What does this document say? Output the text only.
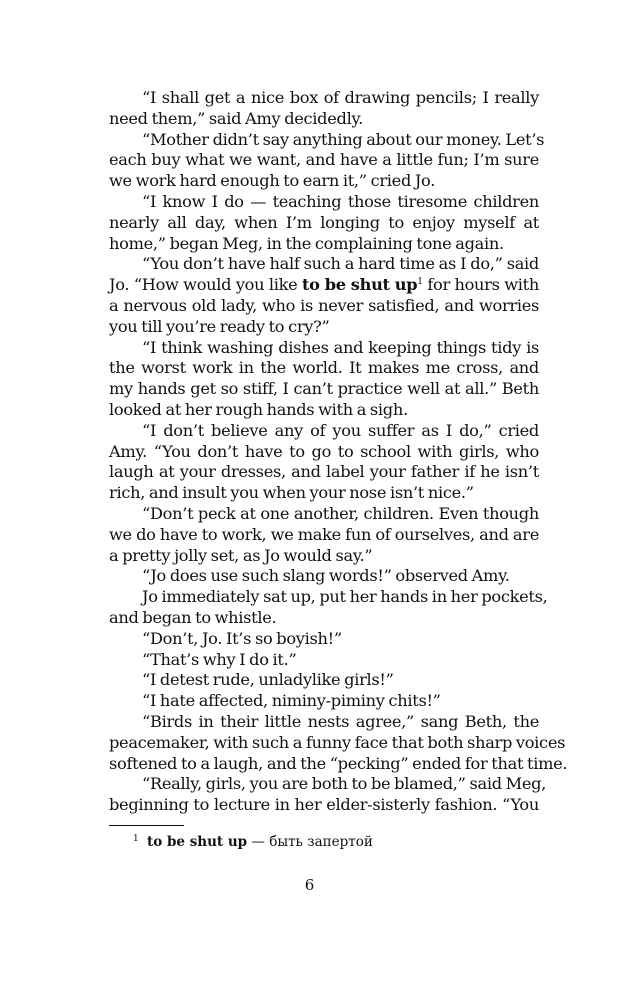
“I shall get a nice box of drawing pencils; I really
need them,” said Amy decidedly.
“Mother didn’t say anything about our money. Let’s
each buy what we want, and have a little fun; I’m sure
we work hard enough to earn it,” cried Jo.
“I know I do — teaching those tiresome children
nearly all day, when I’m longing to enjoy myself at
home,” began Meg, in the complaining tone again.
“You don’t have half such a hard time as I do,” said
Jo. “How would you like to be shut up$^1$ for hours with
a nervous old lady, who is never satisfied, and worries
you till you’re ready to cry?”
“I think washing dishes and keeping things tidy is
the worst work in the world. It makes me cross, and
my hands get so stiff, I can’t practice well at all.” Beth
looked at her rough hands with a sigh.
“I don’t believe any of you suffer as I do,” cried
Amy. “You don’t have to go to school with girls, who
laugh at your dresses, and label your father if he isn’t
rich, and insult you when your nose isn’t nice.”
“Don’t peck at one another, children. Even though
we do have to work, we make fun of ourselves, and are
a pretty jolly set, as Jo would say.”
“Jo does use such slang words!” observed Amy.
Jo immediately sat up, put her hands in her pockets,
and began to whistle.
“Don’t, Jo. It’s so boyish!”
“That’s why I do it.”
“I detest rude, unladylike girls!”
“I hate affected, niminy-piminy chits!”
“Birds in their little nests agree,” sang Beth, the
peacemaker, with such a funny face that both sharp voices
softened to a laugh, and the “pecking” ended for that time.
“Really, girls, you are both to be blamed,” said Meg,
beginning to lecture in her elder-sisterly fashion. “You
$^1$ to be shut up — быть запертой
6
